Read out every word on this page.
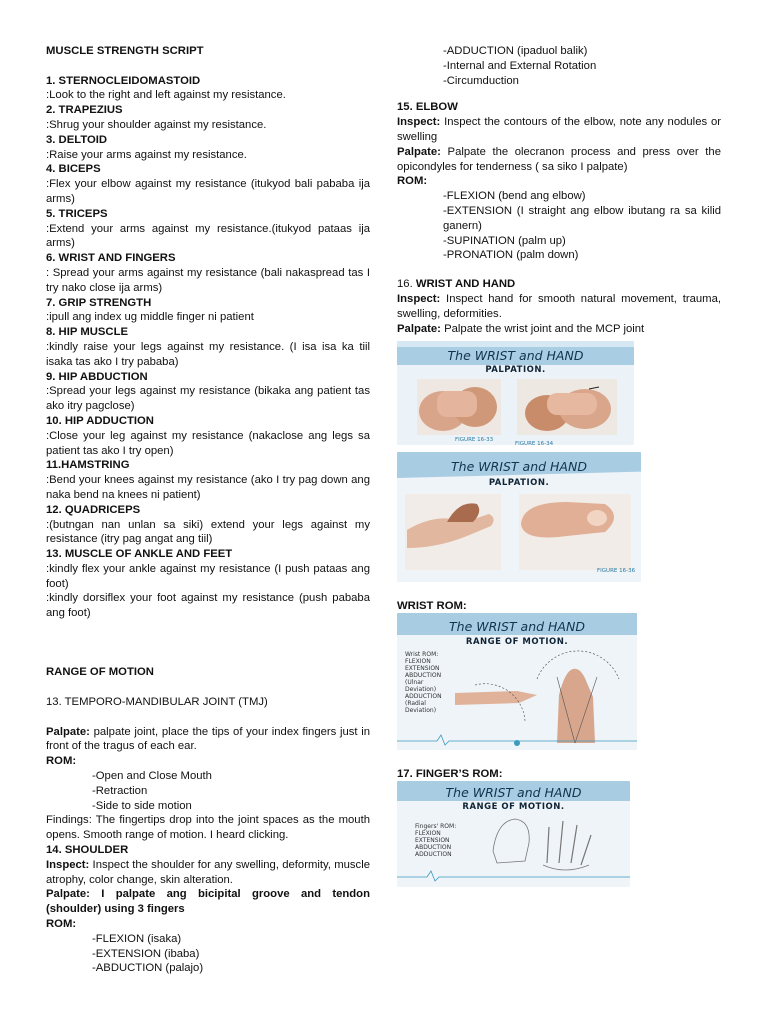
MUSCLE STRENGTH SCRIPT

1. STERNOCLEIDOMASTOID

:Look to the right and left against my resistance.

2. TRAPEZIUS

:Shrug your shoulder against my resistance.

3. DELTOID

:Raise your arms against my resistance.

4. BICEPS

:Flex your elbow against my resistance (itukyod bali pababa ija arms)

5. TRICEPS

:Extend your arms against my resistance.(itukyod pataas ija arms)

6. WRIST AND FINGERS

: Spread your arms against my resistance (bali nakaspread tas I try nako close ija arms)

7. GRIP STRENGTH

:ipull ang index ug middle finger ni patient

8. HIP MUSCLE

:kindly raise your legs against my resistance. (I isa isa ka tiil isaka tas ako I try pababa)

9. HIP ABDUCTION

:Spread your legs against my resistance (bikaka ang patient tas ako itry pagclose)

10. HIP ADDUCTION

:Close your leg against my resistance (nakaclose ang legs sa patient tas ako I try open)

11.HAMSTRING

:Bend your knees against my resistance (ako I try pag down ang naka bend na knees ni patient)

12. QUADRICEPS

:(butngan nan unlan sa siki) extend your legs against my resistance (itry pag angat ang tiil)

13. MUSCLE OF ANKLE AND FEET

:kindly flex your ankle against my resistance (I push pataas ang foot)

:kindly dorsiflex your foot against my resistance (push pababa ang foot)

RANGE OF MOTION

13. TEMPORO-MANDIBULAR JOINT (TMJ)

Palpate: palpate joint, place the tips of your index fingers just in front of the tragus of each ear.

ROM:

-Open and Close Mouth

-Retraction

-Side to side motion

Findings: The fingertips drop into the joint spaces as the mouth opens. Smooth range of motion. I heard clicking.

14. SHOULDER

Inspect: Inspect the shoulder for any swelling, deformity, muscle atrophy, color change, skin alteration.

Palpate: I palpate ang bicipital groove and tendon (shoulder) using 3 fingers

ROM:

-FLEXION (isaka)

-EXTENSION (ibaba)

-ABDUCTION (palajo)

-ADDUCTION (ipaduol balik)

-Internal and External Rotation

-Circumduction

15. ELBOW

Inspect: Inspect the contours of the elbow, note any nodules or swelling

Palpate: Palpate the olecranon process and press over the opicondyles for tenderness ( sa siko I palpate)

ROM:

-FLEXION (bend ang elbow)

-EXTENSION (I straight ang elbow ibutang ra sa kilid ganern)

-SUPINATION (palm up)

-PRONATION (palm down)

16. WRIST AND HAND

Inspect: Inspect hand for smooth natural movement, trauma, swelling, deformities.

Palpate: Palpate the wrist joint and the MCP joint

The WRIST and HAND
PALPATION.
FIGURE 16-33
FIGURE 16-34
The WRIST and HAND
PALPATION.
FIGURE 16-36

WRIST ROM:

The WRIST and HAND
RANGE OF MOTION.
Wrist ROM:
FLEXION
EXTENSION
ABDUCTION
(Ulnar
Deviation)
ADDUCTION
(Radial
Deviation)

17. FINGER’S ROM:

The WRIST and HAND
RANGE OF MOTION.
Fingers' ROM:
FLEXION
EXTENSION
ABDUCTION
ADDUCTION
